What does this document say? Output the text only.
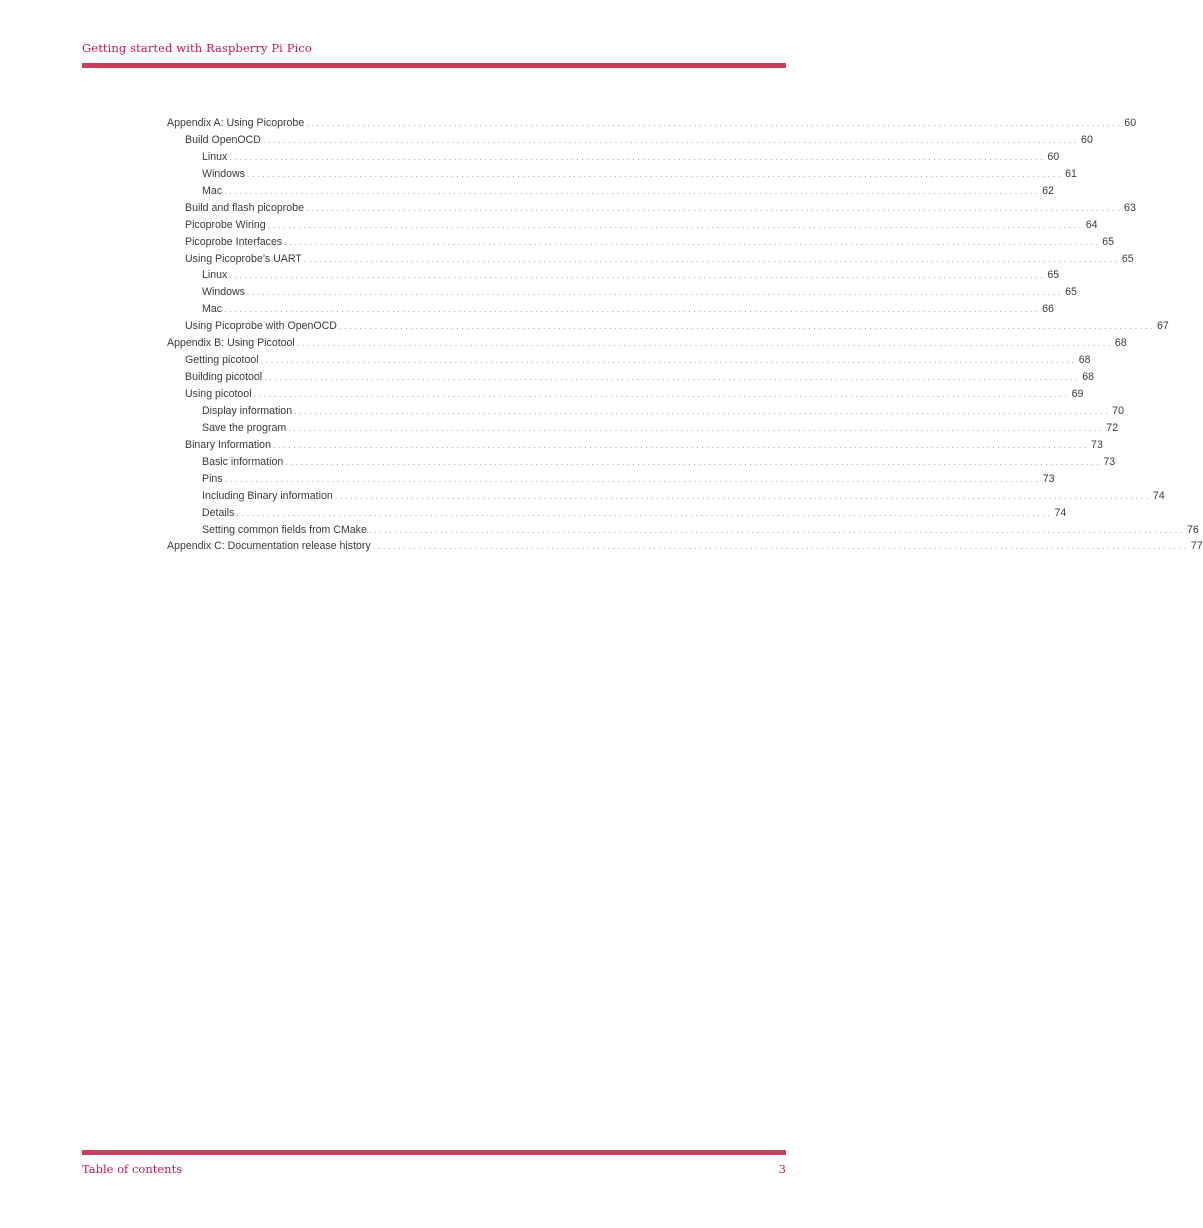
Getting started with Raspberry Pi Pico
Appendix A: Using Picoprobe ................................................................................................................................................................ 60
Build OpenOCD ................................................................................................................................................................ 60
Linux ................................................................................................................................................................ 60
Windows ................................................................................................................................................................ 61
Mac ................................................................................................................................................................ 62
Build and flash picoprobe ................................................................................................................................................................ 63
Picoprobe Wiring ................................................................................................................................................................ 64
Picoprobe Interfaces ................................................................................................................................................................ 65
Using Picoprobe’s UART ................................................................................................................................................................ 65
Linux ................................................................................................................................................................ 65
Windows ................................................................................................................................................................ 65
Mac ................................................................................................................................................................ 66
Using Picoprobe with OpenOCD ................................................................................................................................................................ 67
Appendix B: Using Picotool ................................................................................................................................................................ 68
Getting picotool ................................................................................................................................................................ 68
Building picotool ................................................................................................................................................................ 68
Using picotool ................................................................................................................................................................ 69
Display information ................................................................................................................................................................ 70
Save the program ................................................................................................................................................................ 72
Binary Information ................................................................................................................................................................ 73
Basic information ................................................................................................................................................................ 73
Pins ................................................................................................................................................................ 73
Including Binary information ................................................................................................................................................................ 74
Details ................................................................................................................................................................ 74
Setting common fields from CMake ................................................................................................................................................................ 76
Appendix C: Documentation release history ................................................................................................................................................................ 77
Table of contents	3
